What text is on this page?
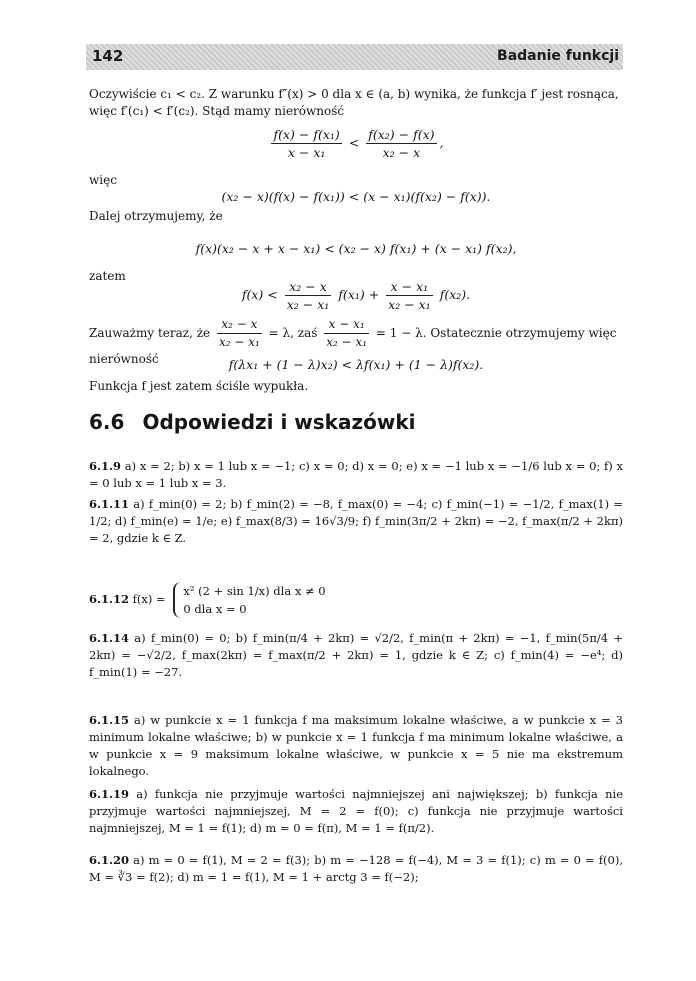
142	Badanie funkcji
Oczywiście c₁ < c₂. Z warunku f″(x) > 0 dla x ∈ (a, b) wynika, że funkcja f′ jest rosnąca,
więc f′(c₁) < f′(c₂). Stąd mamy nierówność
$\frac{\text{f(x) − f(x₁)}}{\text{x − x₁}} < \frac{\text{f(x₂) − f(x)}}{\text{x₂ − x}}$ ,
więc
(x₂ − x)(f(x) − f(x₁)) < (x − x₁)(f(x₂) − f(x)).
Dalej otrzymujemy, że
f(x)(x₂ − x + x − x₁) < (x₂ − x) f(x₁) + (x − x₁) f(x₂),
zatem
$f(x) < \frac{\text{x₂ − x}}{\text{x₂ − x₁}} f(x_1) + \frac{\text{x − x₁}}{\text{x₂ − x₁}} f(x_2)$.
Zauważmy teraz, że $\frac{\text{x₂ − x}}{\text{x₂ − x₁}} = \lambda$, zaś $\frac{\text{x − x₁}}{\text{x₂ − x₁}} = 1 - \lambda$. Ostatecznie otrzymujemy więc
nierówność	f(λx₁ + (1 − λ)x₂) < λf(x₁) + (1 − λ)f(x₂).
Funkcja f jest zatem ściśle wypukła.
6.6 Odpowiedzi i wskazówki
6.1.9 a) x = 2; b) x = 1 lub x = −1; c) x = 0; d) x = 0; e) x = −1 lub x = −1/6 lub x = 0; f) x = 0 lub x = 1 lub x = 3.
6.1.11 a) f_min(0) = 2; b) f_min(2) = −8, f_max(0) = −4; c) f_min(−1) = −1/2, f_max(1) = 1/2; d) f_min(e) = 1/e; e) f_max(8/3) = 16√3/9; f) f_min(3π/2 + 2kπ) = −2, f_max(π/2 + 2kπ) = 2, gdzie k ∈ Z.
6.1.12 f(x) = x² (2 + sin 1/x) dla x ≠ 0
0 dla x = 0
6.1.14 a) f_min(0) = 0; b) f_min(π/4 + 2kπ) = √2/2, f_min(π + 2kπ) = −1, f_min(5π/4 + 2kπ) = −√2/2, f_max(2kπ) = f_max(π/2 + 2kπ) = 1, gdzie k ∈ Z; c) f_min(4) = −e⁴; d) f_min(1) = −27.
6.1.15 a) w punkcie x = 1 funkcja f ma maksimum lokalne właściwe, a w punkcie x = 3 minimum lokalne właściwe; b) w punkcie x = 1 funkcja f ma minimum lokalne właściwe, a w punkcie x = 9 maksimum lokalne właściwe, w punkcie x = 5 nie ma ekstremum lokalnego.
6.1.19 a) funkcja nie przyjmuje wartości najmniejszej ani największej; b) funkcja nie przyjmuje wartości najmniejszej, M = 2 = f(0); c) funkcja nie przyjmuje wartości najmniejszej, M = 1 = f(1); d) m = 0 = f(π), M = 1 = f(π/2).
6.1.20 a) m = 0 = f(1), M = 2 = f(3); b) m = −128 = f(−4), M = 3 = f(1); c) m = 0 = f(0), M = ∛3 = f(2); d) m = 1 = f(1), M = 1 + arctg 3 = f(−2);
